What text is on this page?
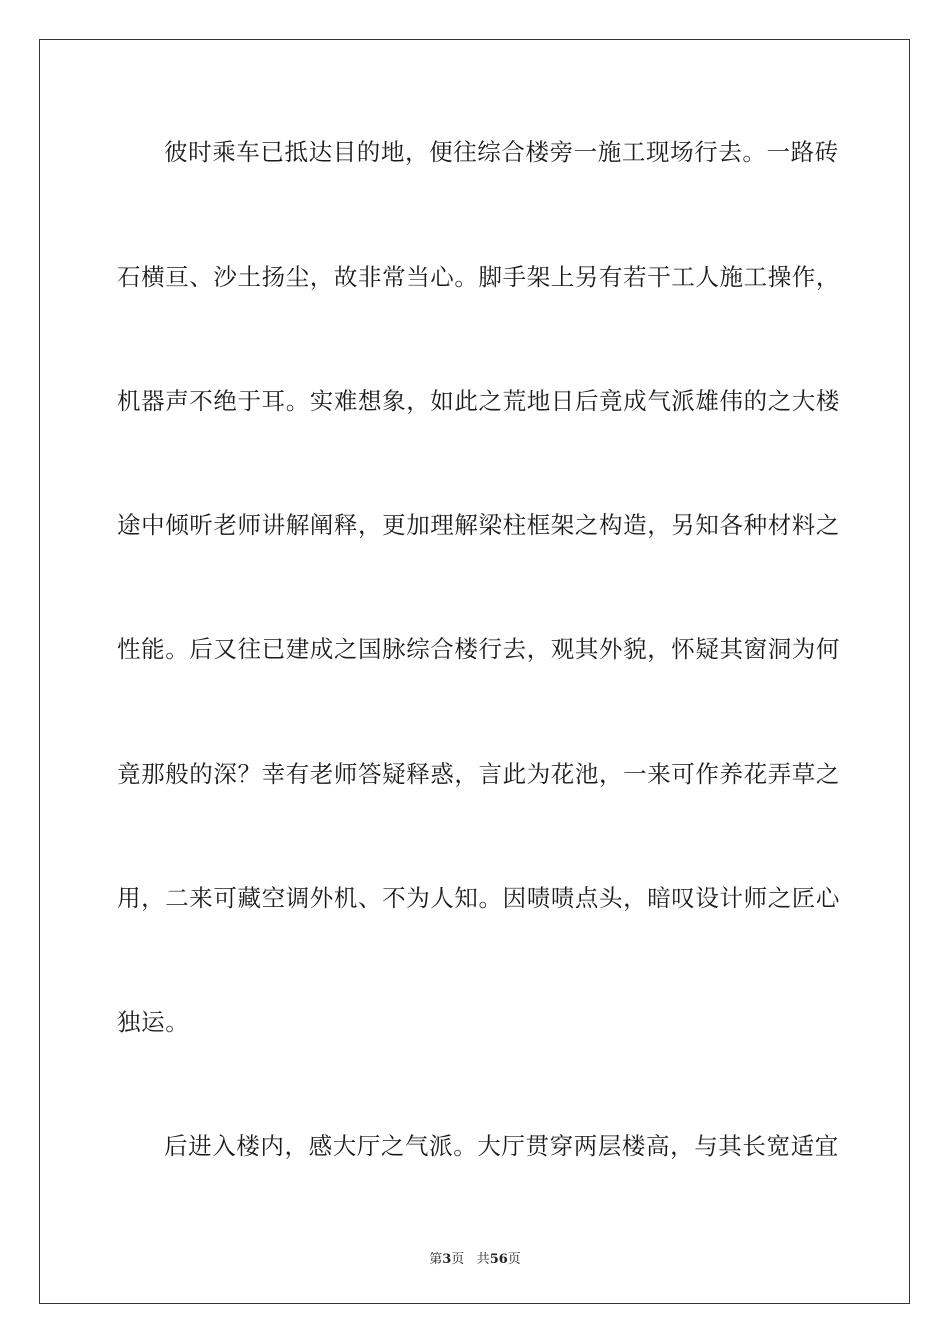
彼时乘车已抵达目的地，便往综合楼旁一施工现场行去。一路砖
石横亘、沙土扬尘，故非常当心。脚手架上另有若干工人施工操作，
机器声不绝于耳。实难想象，如此之荒地日后竟成气派雄伟的之大楼
途中倾听老师讲解阐释，更加理解梁柱框架之构造，另知各种材料之
性能。后又往已建成之国脉综合楼行去，观其外貌，怀疑其窗洞为何
竟那般的深？幸有老师答疑释惑，言此为花池，一来可作养花弄草之
用，二来可藏空调外机、不为人知。因啧啧点头，暗叹设计师之匠心
独运。
后进入楼内，感大厅之气派。大厅贯穿两层楼高，与其长宽适宜
第3页 共56页
